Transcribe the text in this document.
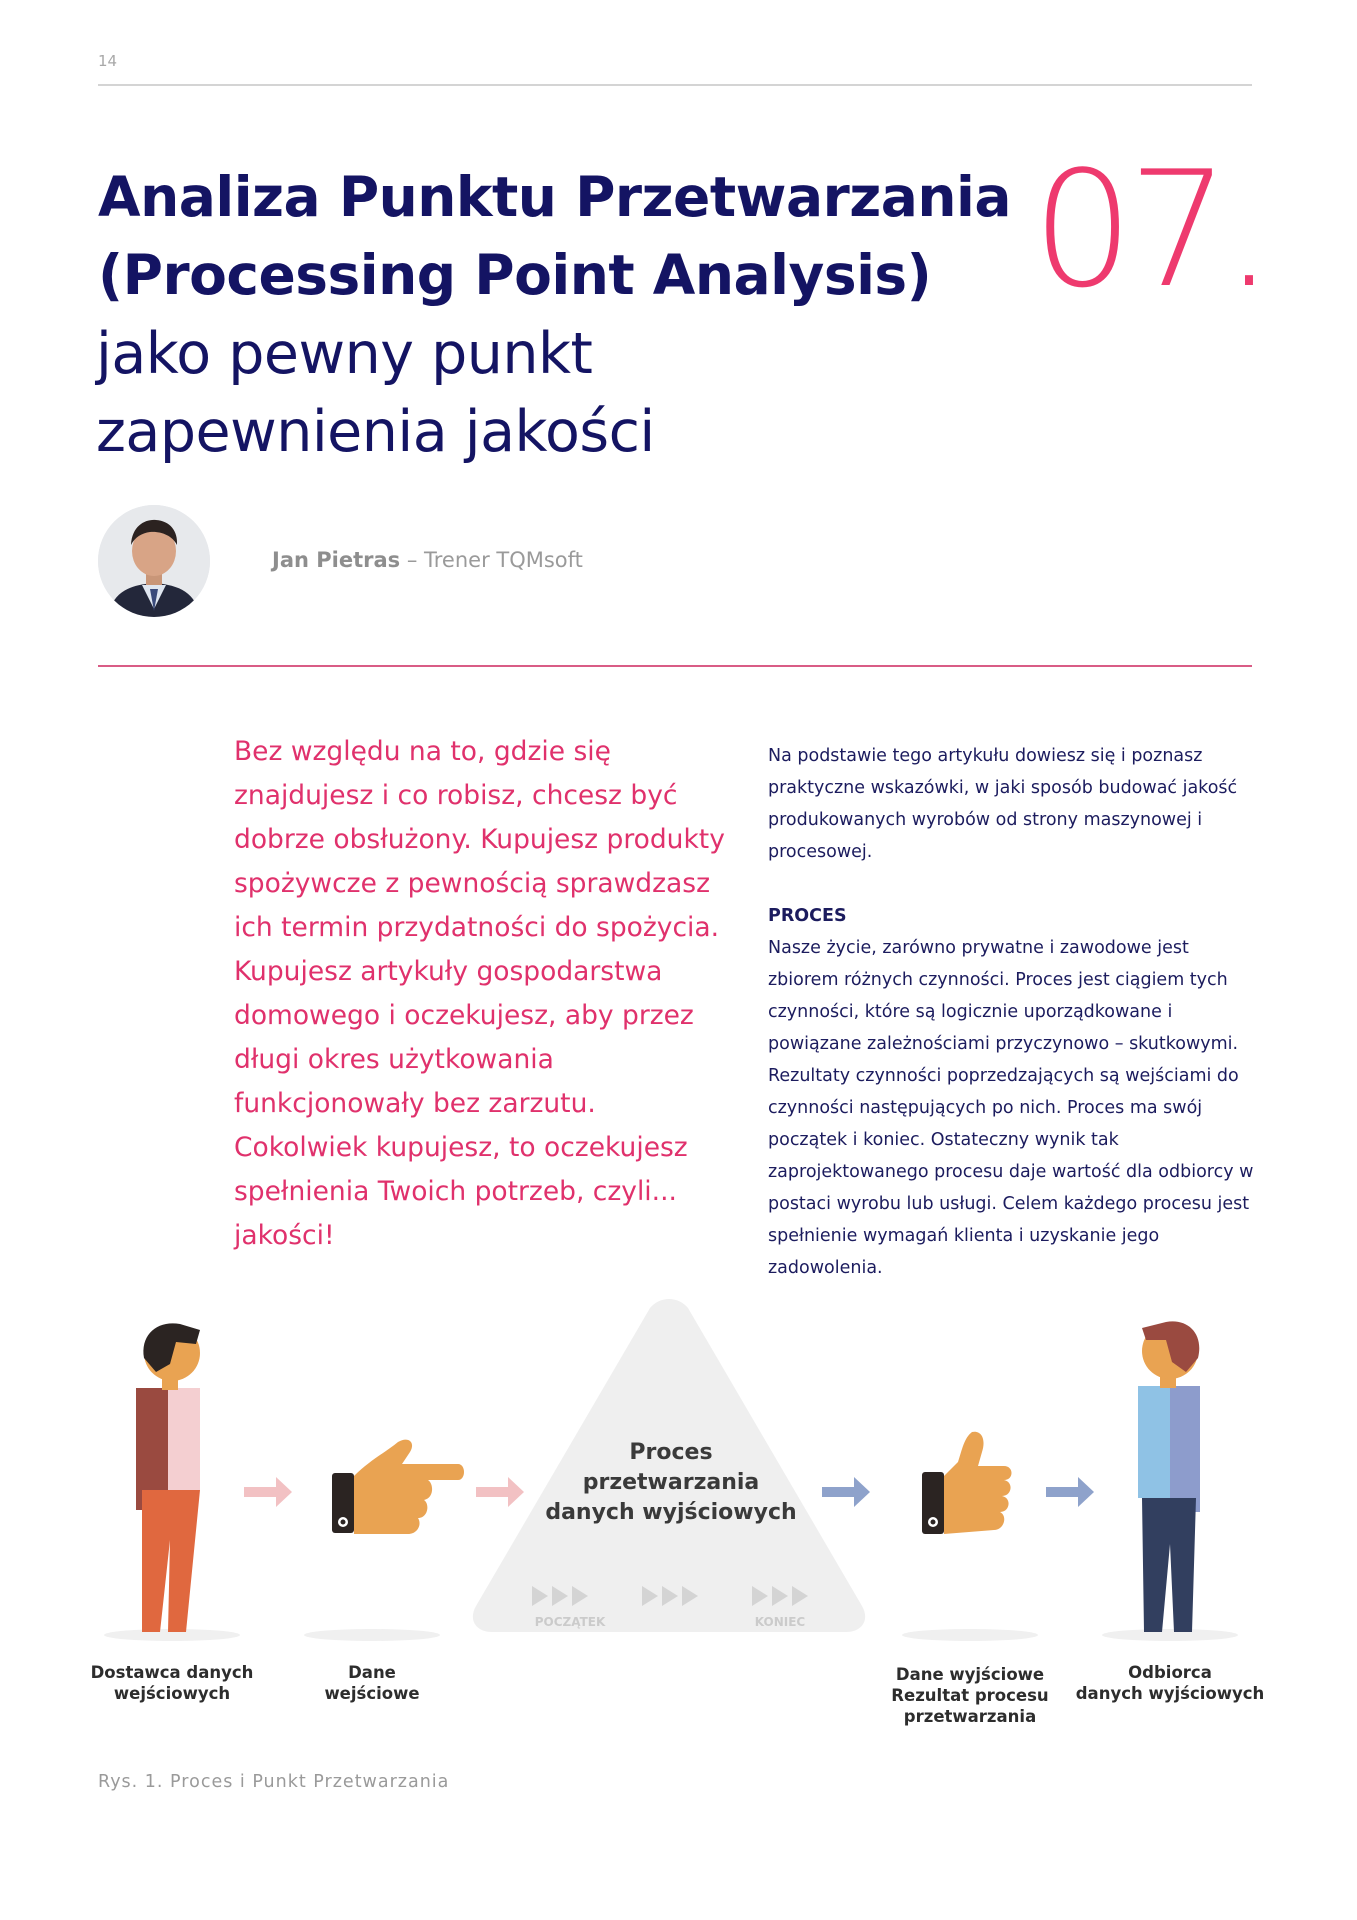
14
Analiza Punktu Przetwarzania
(Processing Point Analysis)
jako pewny punkt
zapewnienia jakości
07.
Jan Pietras – Trener TQMsoft

Bez względu na to, gdzie się znajdujesz i co robisz, chcesz być dobrze obsłużony. Kupujesz produkty spożywcze z pewnością sprawdzasz ich termin przydatności do spożycia. Kupujesz artykuły gospodarstwa domowego i oczekujesz, aby przez długi okres użytkowania funkcjonowały bez zarzutu. Cokolwiek kupujesz, to oczekujesz spełnienia Twoich potrzeb, czyli... jakości!

Na podstawie tego artykułu dowiesz się i poznasz praktyczne wskazówki, w jaki sposób budować jakość produkowanych wyrobów od strony maszynowej i procesowej.

PROCES

Nasze życie, zarówno prywatne i zawodowe jest zbiorem różnych czynności. Proces jest ciągiem tych czynności, które są logicznie uporządkowane i powiązane zależnościami przyczynowo – skutkowymi. Rezultaty czynności poprzedzających są wejściami do czynności następujących po nich. Proces ma swój początek i koniec. Ostateczny wynik tak zaprojektowanego procesu daje wartość dla odbiorcy w postaci wyrobu lub usługi. Celem każdego procesu jest spełnienie wymagań klienta i uzyskanie jego zadowolenia.

Proces
przetwarzania
danych wyjściowych
POCZĄTEK	KONIEC
Dostawca danych
wejściowych
Dane
wejściowe
Dane wyjściowe
Rezultat procesu
przetwarzania
Odbiorca
danych wyjściowych
Rys. 1. Proces i Punkt Przetwarzania
